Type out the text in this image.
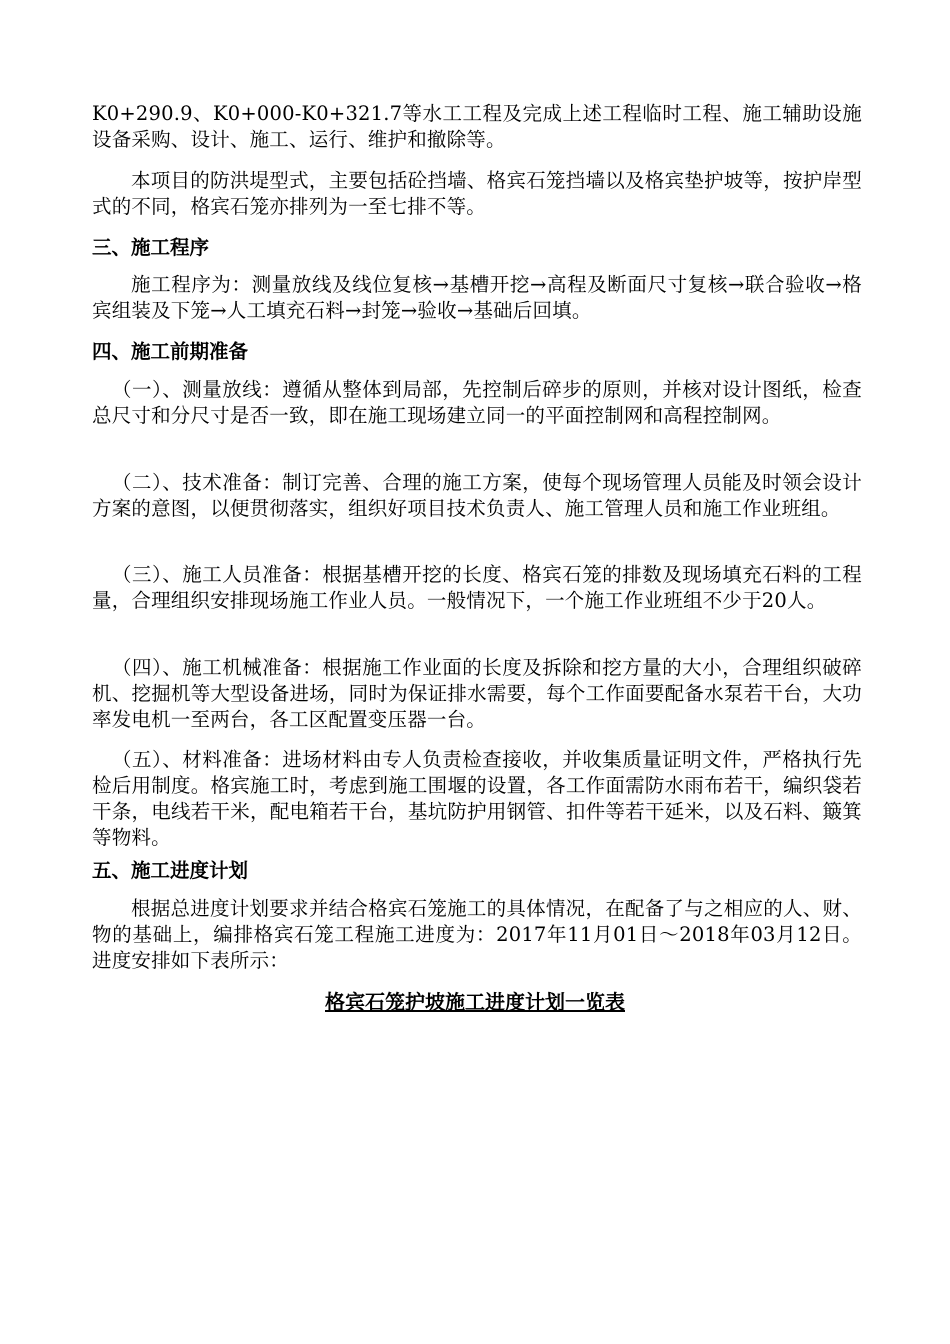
K0+290.9、K0+000-K0+321.7等水工工程及完成上述工程临时工程、施工辅助设施设备采购、设计、施工、运行、维护和撤除等。

本项目的防洪堤型式，主要包括砼挡墙、格宾石笼挡墙以及格宾垫护坡等，按护岸型式的不同，格宾石笼亦排列为一至七排不等。

三、施工程序

施工程序为：测量放线及线位复核→基槽开挖→高程及断面尺寸复核→联合验收→格宾组装及下笼→人工填充石料→封笼→验收→基础后回填。

四、施工前期准备

（一）、测量放线：遵循从整体到局部，先控制后碎步的原则，并核对设计图纸，检查总尺寸和分尺寸是否一致，即在施工现场建立同一的平面控制网和高程控制网。

（二）、技术准备：制订完善、合理的施工方案，使每个现场管理人员能及时领会设计方案的意图，以便贯彻落实，组织好项目技术负责人、施工管理人员和施工作业班组。

（三）、施工人员准备：根据基槽开挖的长度、格宾石笼的排数及现场填充石料的工程量，合理组织安排现场施工作业人员。一般情况下，一个施工作业班组不少于20人。

（四）、施工机械准备：根据施工作业面的长度及拆除和挖方量的大小，合理组织破碎机、挖掘机等大型设备进场，同时为保证排水需要，每个工作面要配备水泵若干台，大功率发电机一至两台，各工区配置变压器一台。

（五）、材料准备：进场材料由专人负责检查接收，并收集质量证明文件，严格执行先检后用制度。格宾施工时，考虑到施工围堰的设置，各工作面需防水雨布若干，编织袋若干条，电线若干米，配电箱若干台，基坑防护用钢管、扣件等若干延米，以及石料、簸箕等物料。

五、施工进度计划

根据总进度计划要求并结合格宾石笼施工的具体情况，在配备了与之相应的人、财、物的基础上，编排格宾石笼工程施工进度为：2017年11月01日～2018年03月12日。进度安排如下表所示：

格宾石笼护坡施工进度计划一览表
